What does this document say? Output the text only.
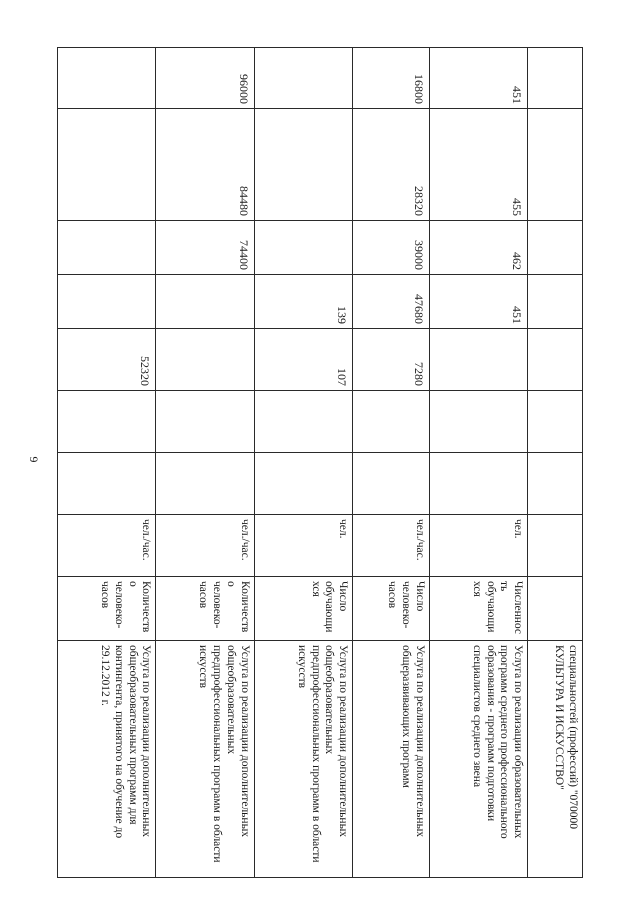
6
									специальностей (профессий) "070000 КУЛЬТУРА И ИСКУССТВО"
451	455	462	451				чел.	Численность обучающихся	Услуга по реализации образовательных программ среднего профессионального образования - программ подготовки специалистов среднего звена
16800	28320	39000	47680	7280			чел./час.	Число человеко-часов	Услуга по реализации дополнительных общеразвивающих программ
			139	107			чел.	Число обучающихся	Услуга по реализации дополнительных общеобразовательных предпрофессиональных программ в области искусств
96000	84480	74400					чел./час.	Количество человеко-часов	Услуга по реализации дополнительных общеобразовательных предпрофессиональных программ в области искусств
				52320			чел./час.	Количество человеко-часов	Услуга по реализации дополнительных общеобразовательных программ для контингента, принятого на обучение до 29.12.2012 г.
